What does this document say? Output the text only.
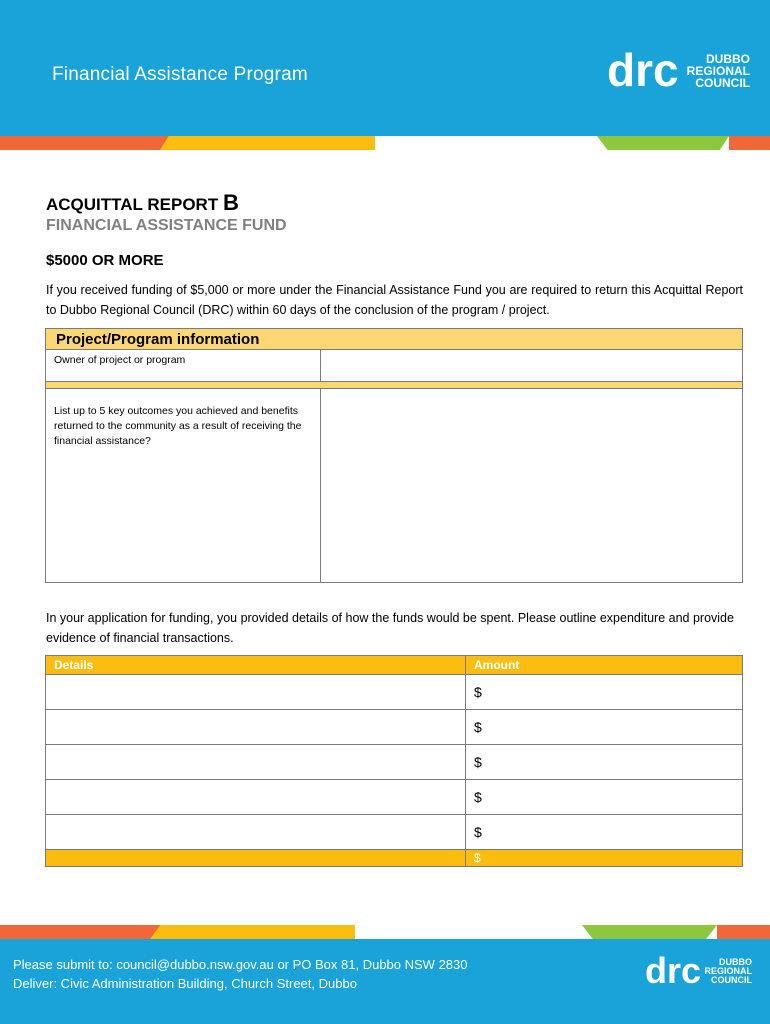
Financial Assistance Program	drc	DUBBO
REGIONAL
COUNCIL
ACQUITTAL REPORT B
FINANCIAL ASSISTANCE FUND
$5000 OR MORE
If you received funding of $5,000 or more under the Financial Assistance Fund you are required to return this Acquittal Report to Dubbo Regional Council (DRC) within 60 days of the conclusion of the program / project.
Project/Program information
Owner of project or program
List up to 5 key outcomes you achieved and benefits returned to the community as a result of receiving the financial assistance?
In your application for funding, you provided details of how the funds would be spent. Please outline expenditure and provide evidence of financial transactions.
Details	Amount
	$
	$
	$
	$
	$
	$
Please submit to: council@dubbo.nsw.gov.au or PO Box 81, Dubbo NSW 2830
Deliver: Civic Administration Building, Church Street, Dubbo	drc	DUBBO
REGIONAL
COUNCIL
